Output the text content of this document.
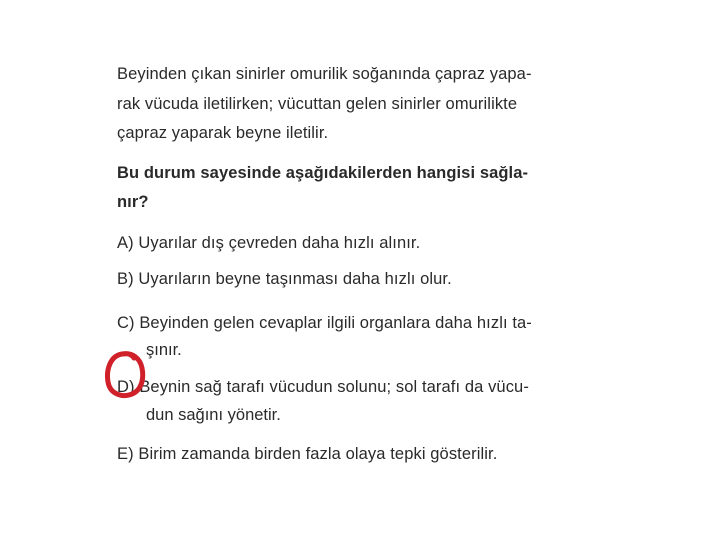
Beyinden çıkan sinirler omurilik soğanında çapraz yapa-
rak vücuda iletilirken; vücuttan gelen sinirler omurilikte
çapraz yaparak beyne iletilir.
Bu durum sayesinde aşağıdakilerden hangisi sağla-
nır?
A) Uyarılar dış çevreden daha hızlı alınır.
B) Uyarıların beyne taşınması daha hızlı olur.
C) Beyinden gelen cevaplar ilgili organlara daha hızlı ta-
şınır.
D) Beynin sağ tarafı vücudun solunu; sol tarafı da vücu-
dun sağını yönetir.
E) Birim zamanda birden fazla olaya tepki gösterilir.
